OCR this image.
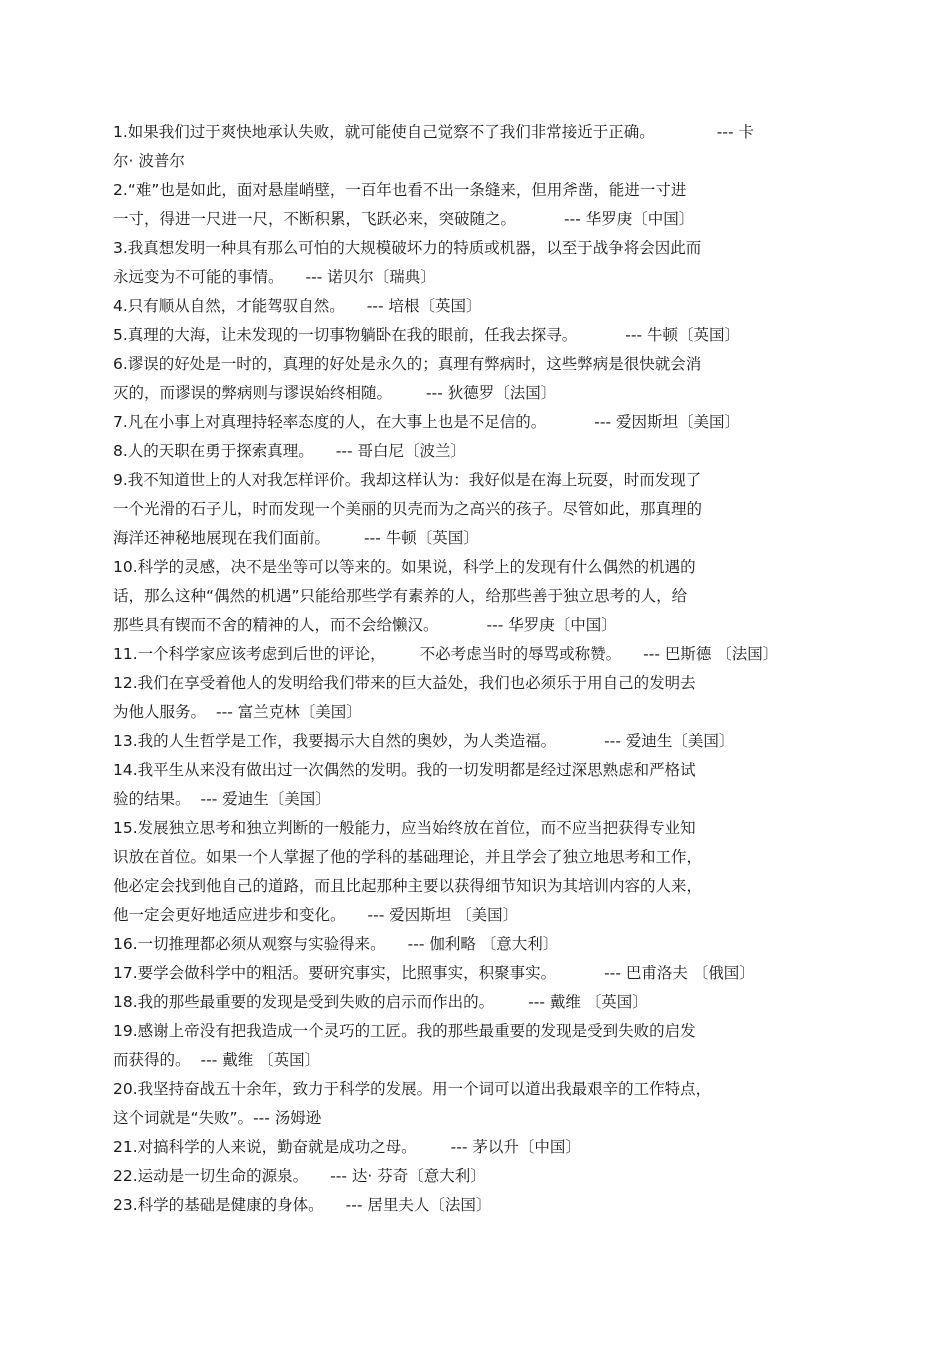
1.如果我们过于爽快地承认失败，就可能使自己觉察不了我们非常接近于正确。	--- 卡
尔· 波普尔
2.“难”也是如此，面对悬崖峭壁，一百年也看不出一条缝来，但用斧凿，能进一寸进
一寸，得进一尺进一尺，不断积累，飞跃必来，突破随之。	--- 华罗庚〔中国〕
3.我真想发明一种具有那么可怕的大规模破坏力的特质或机器，以至于战争将会因此而
永远变为不可能的事情。 --- 诺贝尔〔瑞典〕
4.只有顺从自然，才能驾驭自然。 --- 培根〔英国〕
5.真理的大海，让未发现的一切事物躺卧在我的眼前，任我去探寻。	--- 牛顿〔英国〕
6.谬误的好处是一时的，真理的好处是永久的；真理有弊病时，这些弊病是很快就会消
灭的，而谬误的弊病则与谬误始终相随。 --- 狄德罗〔法国〕
7.凡在小事上对真理持轻率态度的人，在大事上也是不足信的。	--- 爱因斯坦〔美国〕
8.人的天职在勇于探索真理。 --- 哥白尼〔波兰〕
9.我不知道世上的人对我怎样评价。我却这样认为：我好似是在海上玩耍，时而发现了
一个光滑的石子儿，时而发现一个美丽的贝壳而为之高兴的孩子。尽管如此，那真理的
海洋还神秘地展现在我们面前。 --- 牛顿〔英国〕
10.科学的灵感，决不是坐等可以等来的。如果说，科学上的发现有什么偶然的机遇的
话，那么这种“偶然的机遇”只能给那些学有素养的人，给那些善于独立思考的人，给
那些具有锲而不舍的精神的人，而不会给懒汉。	--- 华罗庚〔中国〕
11.一个科学家应该考虑到后世的评论， 不必考虑当时的辱骂或称赞。 --- 巴斯德 〔法国〕
12.我们在享受着他人的发明给我们带来的巨大益处，我们也必须乐于用自己的发明去
为他人服务。 --- 富兰克林〔美国〕
13.我的人生哲学是工作，我要揭示大自然的奥妙，为人类造福。	--- 爱迪生〔美国〕
14.我平生从来没有做出过一次偶然的发明。我的一切发明都是经过深思熟虑和严格试
验的结果。 --- 爱迪生〔美国〕
15.发展独立思考和独立判断的一般能力，应当始终放在首位，而不应当把获得专业知
识放在首位。如果一个人掌握了他的学科的基础理论，并且学会了独立地思考和工作，
他必定会找到他自己的道路，而且比起那种主要以获得细节知识为其培训内容的人来，
他一定会更好地适应进步和变化。 --- 爱因斯坦 〔美国〕
16.一切推理都必须从观察与实验得来。 --- 伽利略 〔意大利〕
17.要学会做科学中的粗活。要研究事实，比照事实，积聚事实。	--- 巴甫洛夫 〔俄国〕
18.我的那些最重要的发现是受到失败的启示而作出的。 --- 戴维 〔英国〕
19.感谢上帝没有把我造成一个灵巧的工匠。我的那些最重要的发现是受到失败的启发
而获得的。 --- 戴维 〔英国〕
20.我坚持奋战五十余年，致力于科学的发展。用一个词可以道出我最艰辛的工作特点，
这个词就是“失败”。--- 汤姆逊
21.对搞科学的人来说，勤奋就是成功之母。 --- 茅以升〔中国〕
22.运动是一切生命的源泉。 --- 达· 芬奇〔意大利〕
23.科学的基础是健康的身体。 --- 居里夫人〔法国〕
